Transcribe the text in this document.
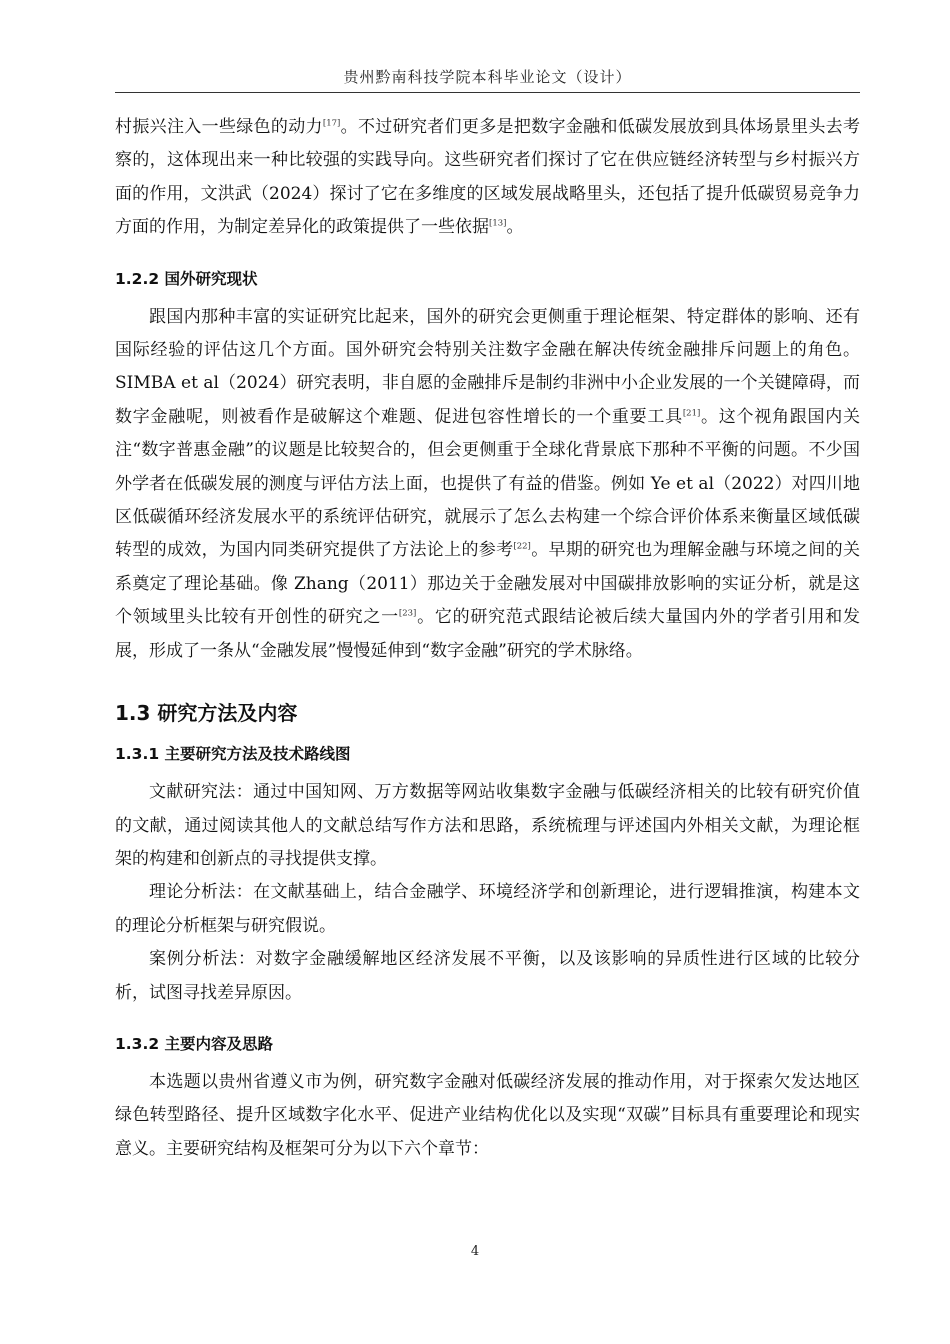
贵州黔南科技学院本科毕业论文（设计）

村振兴注入一些绿色的动力[17]。不过研究者们更多是把数字金融和低碳发展放到具体场景里头去考察的，这体现出来一种比较强的实践导向。这些研究者们探讨了它在供应链经济转型与乡村振兴方面的作用，文洪武（2024）探讨了它在多维度的区域发展战略里头，还包括了提升低碳贸易竞争力方面的作用，为制定差异化的政策提供了一些依据[13]。

1.2.2 国外研究现状

跟国内那种丰富的实证研究比起来，国外的研究会更侧重于理论框架、特定群体的影响、还有国际经验的评估这几个方面。国外研究会特别关注数字金融在解决传统金融排斥问题上的角色。SIMBA et al（2024）研究表明，非自愿的金融排斥是制约非洲中小企业发展的一个关键障碍，而数字金融呢，则被看作是破解这个难题、促进包容性增长的一个重要工具[21]。这个视角跟国内关注“数字普惠金融”的议题是比较契合的，但会更侧重于全球化背景底下那种不平衡的问题。不少国外学者在低碳发展的测度与评估方法上面，也提供了有益的借鉴。例如 Ye et al（2022）对四川地区低碳循环经济发展水平的系统评估研究，就展示了怎么去构建一个综合评价体系来衡量区域低碳转型的成效，为国内同类研究提供了方法论上的参考[22]。早期的研究也为理解金融与环境之间的关系奠定了理论基础。像 Zhang（2011）那边关于金融发展对中国碳排放影响的实证分析，就是这个领域里头比较有开创性的研究之一[23]。它的研究范式跟结论被后续大量国内外的学者引用和发展，形成了一条从“金融发展”慢慢延伸到“数字金融”研究的学术脉络。

1.3 研究方法及内容
1.3.1 主要研究方法及技术路线图

文献研究法：通过中国知网、万方数据等网站收集数字金融与低碳经济相关的比较有研究价值的文献，通过阅读其他人的文献总结写作方法和思路，系统梳理与评述国内外相关文献，为理论框架的构建和创新点的寻找提供支撑。

理论分析法：在文献基础上，结合金融学、环境经济学和创新理论，进行逻辑推演，构建本文的理论分析框架与研究假说。

案例分析法：对数字金融缓解地区经济发展不平衡，以及该影响的异质性进行区域的比较分析，试图寻找差异原因。

1.3.2 主要内容及思路

本选题以贵州省遵义市为例，研究数字金融对低碳经济发展的推动作用，对于探索欠发达地区绿色转型路径、提升区域数字化水平、促进产业结构优化以及实现“双碳”目标具有重要理论和现实意义。主要研究结构及框架可分为以下六个章节：

4
